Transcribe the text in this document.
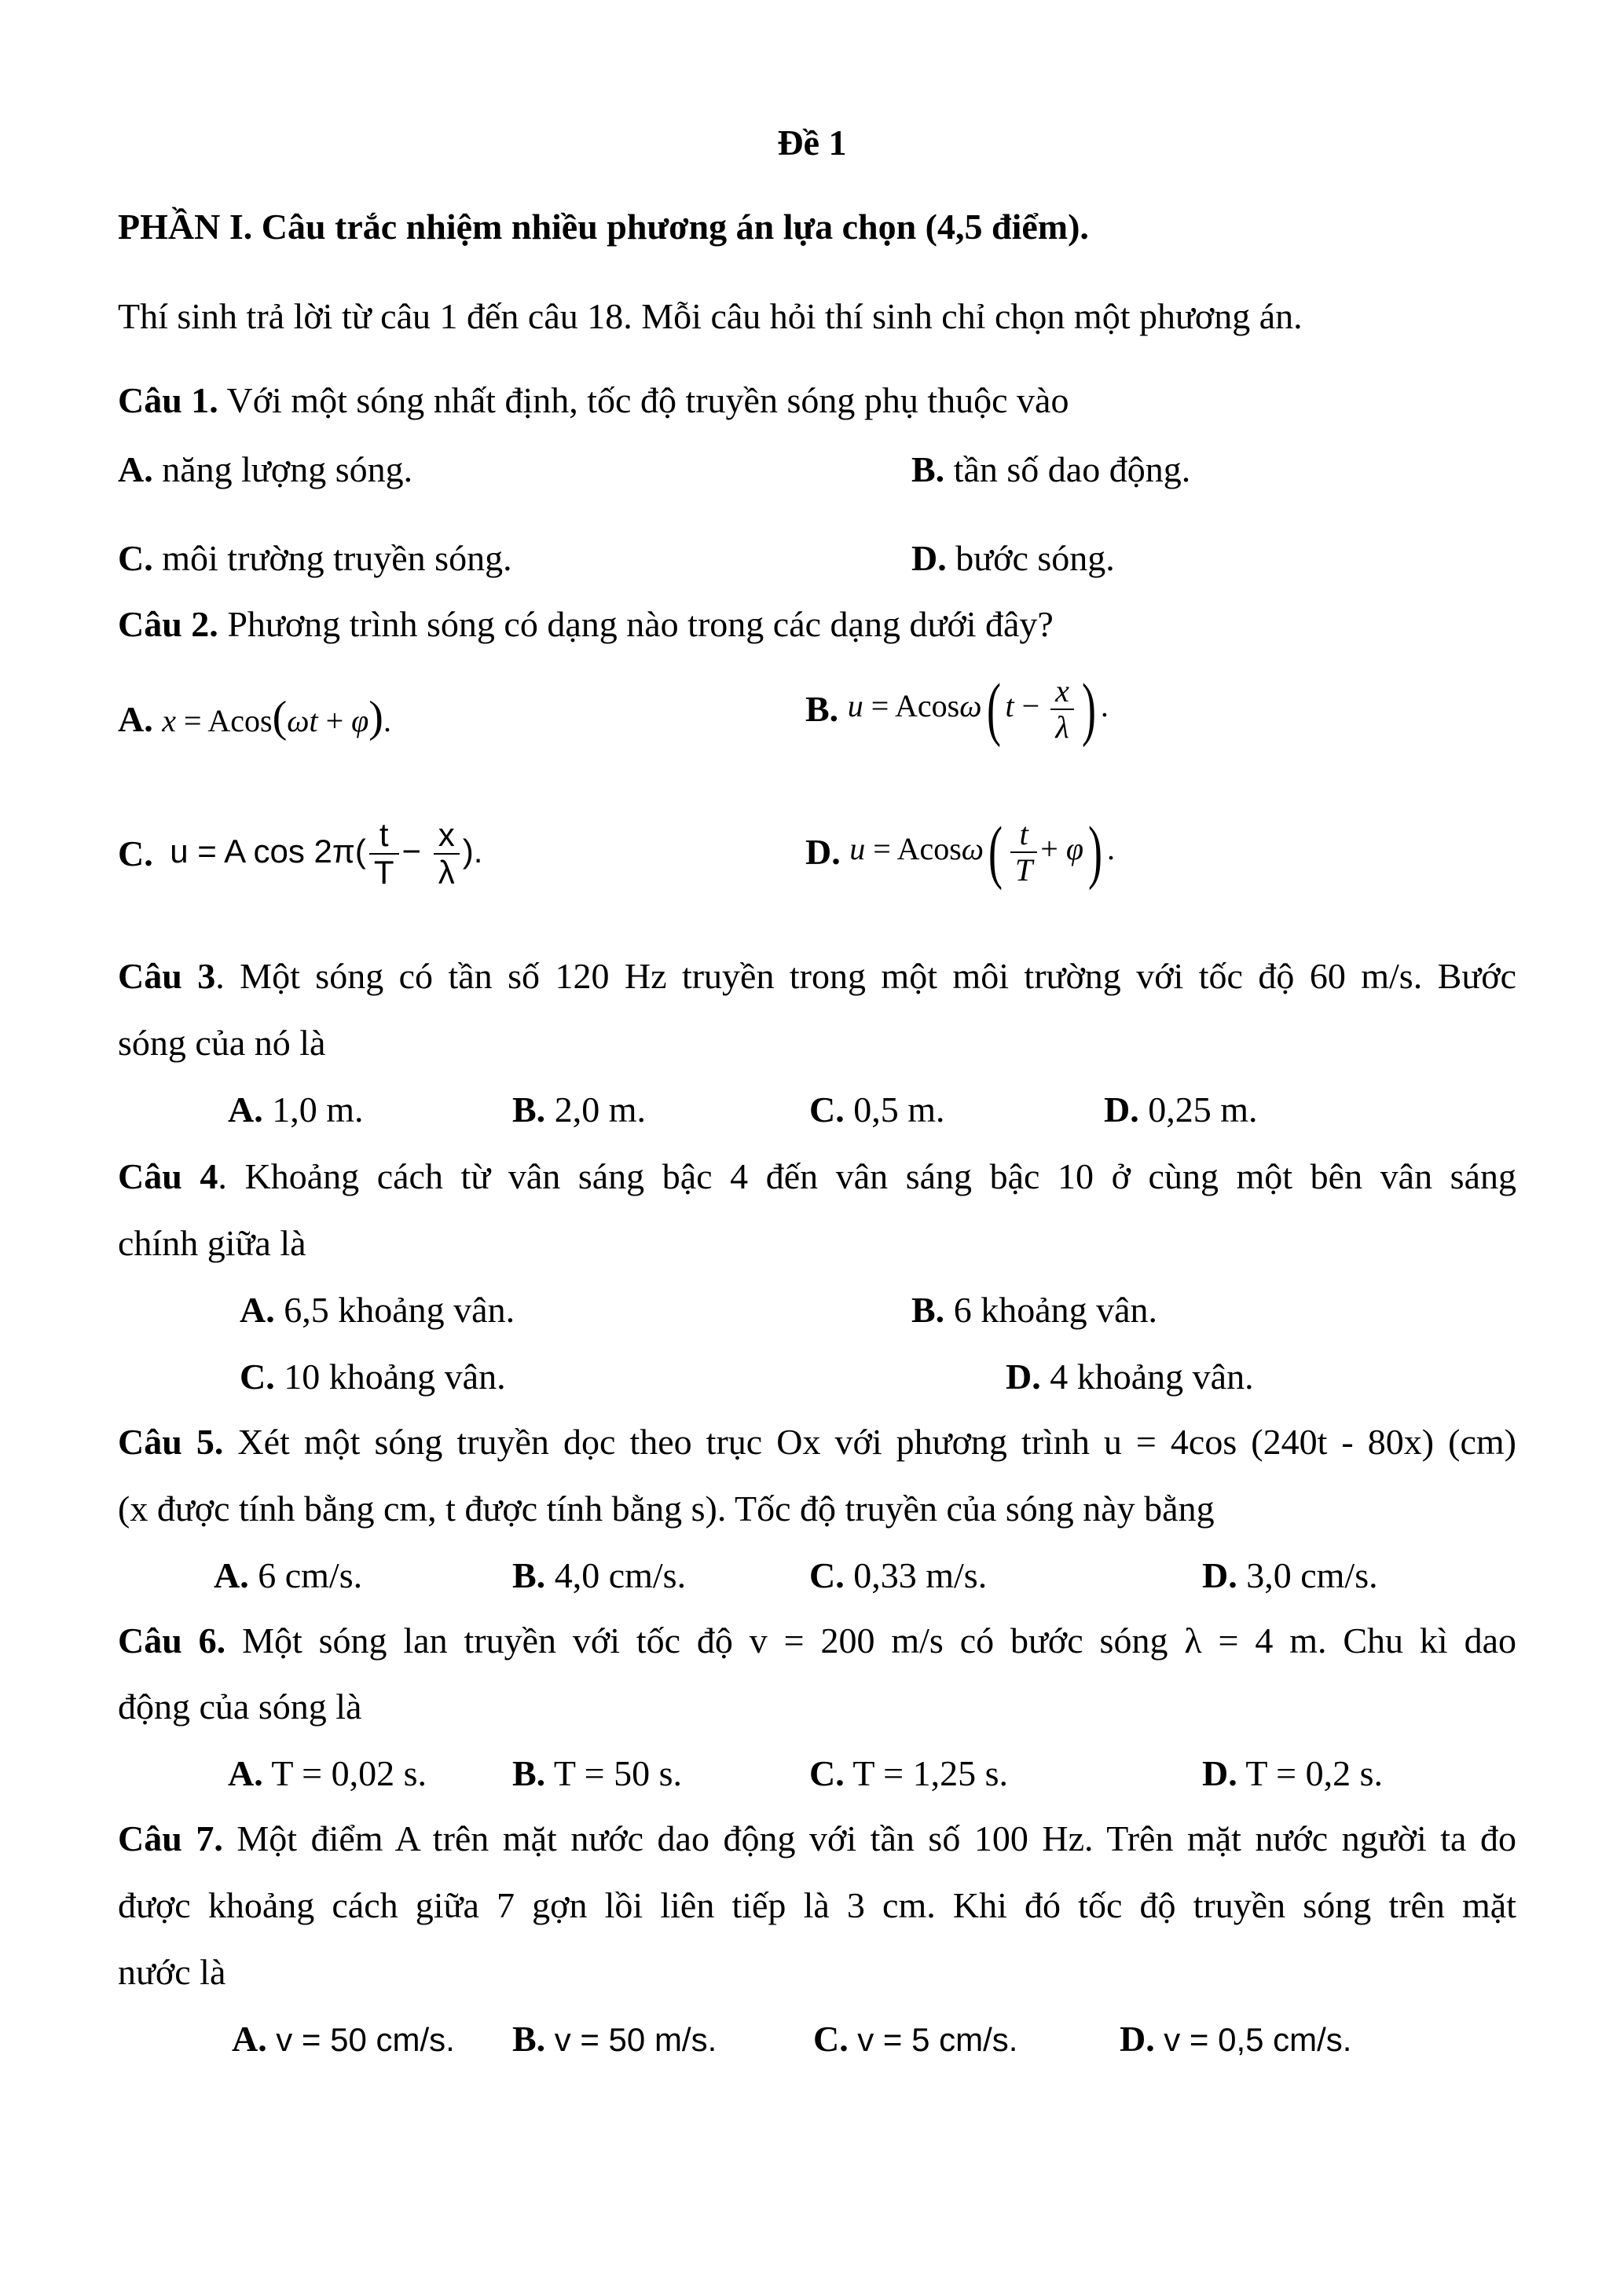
Đề 1
PHẦN I. Câu trắc nhiệm nhiều phương án lựa chọn (4,5 điểm).
Thí sinh trả lời từ câu 1 đến câu 18. Mỗi câu hỏi thí sinh chỉ chọn một phương án.
Câu 1. Với một sóng nhất định, tốc độ truyền sóng phụ thuộc vào
A. năng lượng sóng.	B. tần số dao động.
C. môi trường truyền sóng.	D. bước sóng.
Câu 2. Phương trình sóng có dạng nào trong các dạng dưới đây?
A. x = Acos(ωt + φ).	B. u = Acosω( $t - \frac{x}{\lambda}$ ) .
C. u = A $\cos 2\pi( \frac{t}{T} - \frac{x}{\lambda}$ ).	D. $u = Acos\omega( \frac{t}{T} + \varphi)$ .
Câu 3. Một sóng có tần số 120 Hz truyền trong một môi trường với tốc độ 60 m/s. Bước
sóng của nó là
A. 1,0 m.	B. 2,0 m.	C. 0,5 m.	D. 0,25 m.
Câu 4. Khoảng cách từ vân sáng bậc 4 đến vân sáng bậc 10 ở cùng một bên vân sáng
chính giữa là
A. 6,5 khoảng vân.	B. 6 khoảng vân.
C. 10 khoảng vân.	D. 4 khoảng vân.
Câu 5. Xét một sóng truyền dọc theo trục Ox với phương trình u = 4cos (240t - 80x) (cm)
(x được tính bằng cm, t được tính bằng s). Tốc độ truyền của sóng này bằng
A. 6 cm/s.	B. 4,0 cm/s.	C. 0,33 m/s.	D. 3,0 cm/s.
Câu 6. Một sóng lan truyền với tốc độ v = 200 m/s có bước sóng λ = 4 m. Chu kì dao
động của sóng là
A. T = 0,02 s. B. T = 50 s.	C. T = 1,25 s.	D. T = 0,2 s.
Câu 7. Một điểm A trên mặt nước dao động với tần số 100 Hz. Trên mặt nước người ta đo
được khoảng cách giữa 7 gợn lồi liên tiếp là 3 cm. Khi đó tốc độ truyền sóng trên mặt
nước là
A. v = 50 cm/s. B. v = 50 m/s.	C. v = 5 cm/s.	D. v = 0,5 cm/s.
